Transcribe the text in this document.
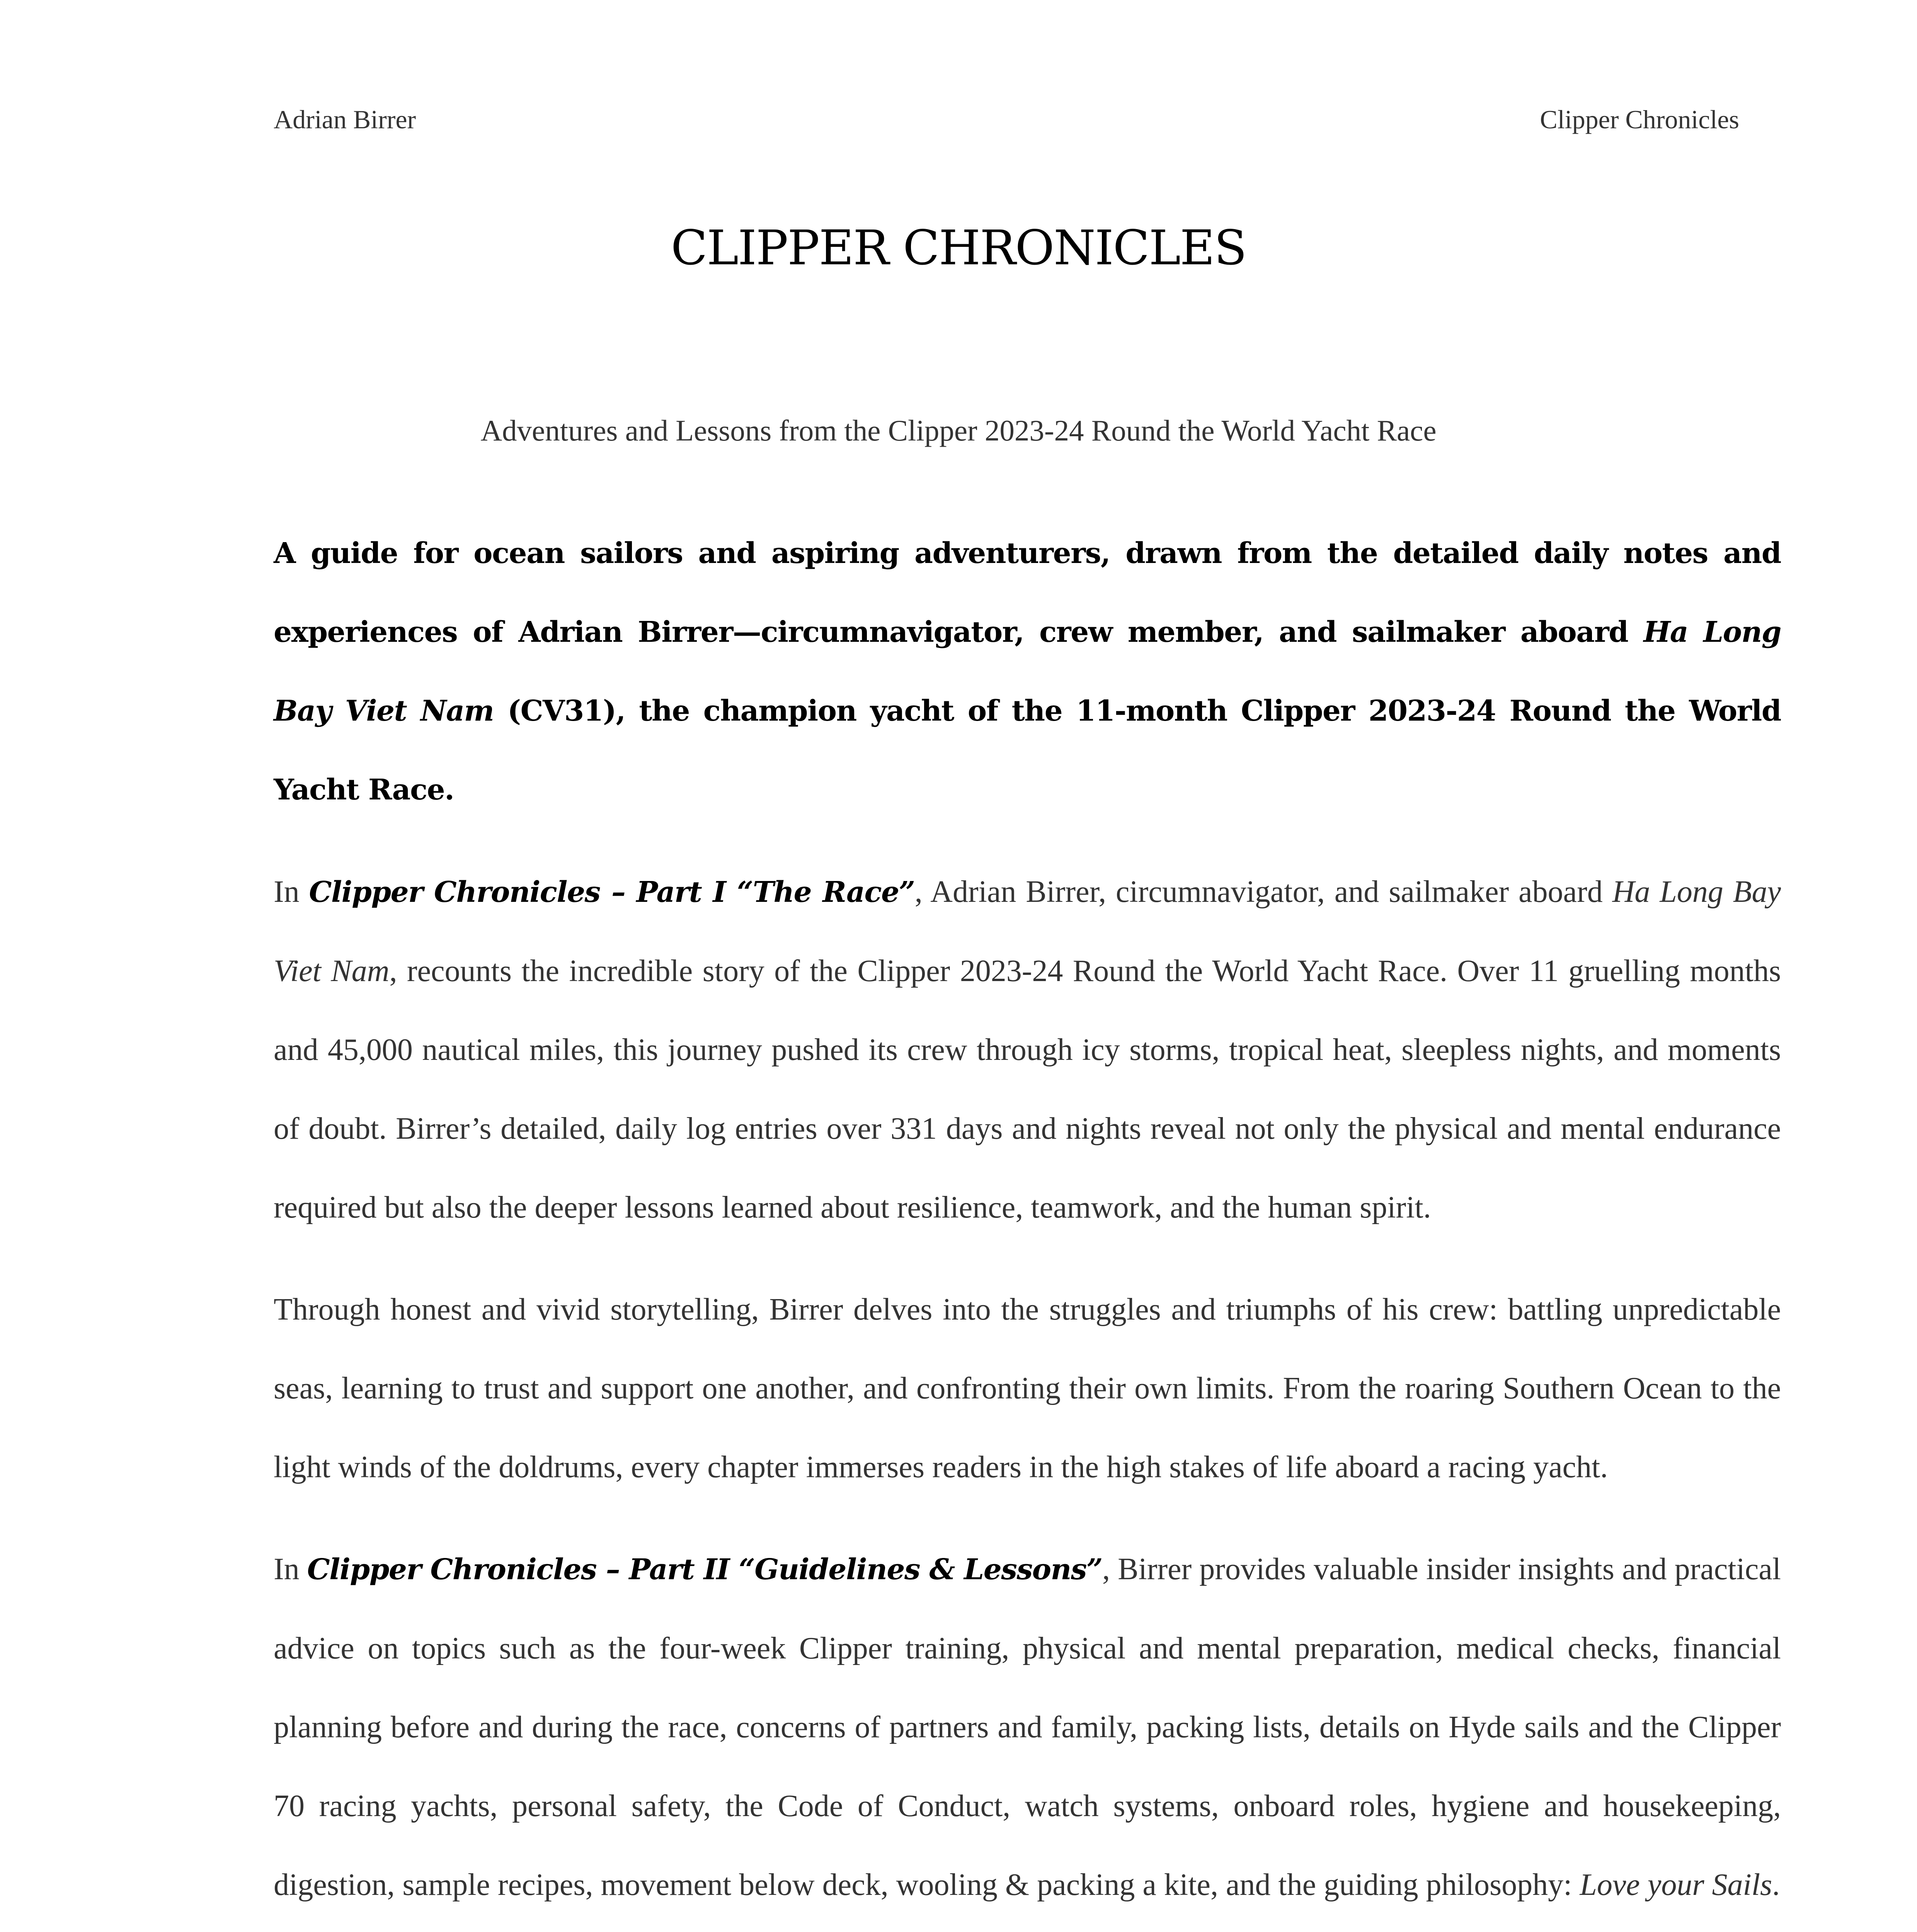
Adrian Birrer	Clipper Chronicles
CLIPPER CHRONICLES
Adventures and Lessons from the Clipper 2023-24 Round the World Yacht Race

A guide for ocean sailors and aspiring adventurers, drawn from the detailed daily notes and experiences of Adrian Birrer—circumnavigator, crew member, and sailmaker aboard Ha Long Bay Viet Nam (CV31), the champion yacht of the 11-month Clipper 2023-24 Round the World Yacht Race.

In Clipper Chronicles – Part I “The Race”, Adrian Birrer, circumnavigator, and sailmaker aboard Ha Long Bay Viet Nam, recounts the incredible story of the Clipper 2023-24 Round the World Yacht Race. Over 11 gruelling months and 45,000 nautical miles, this journey pushed its crew through icy storms, tropical heat, sleepless nights, and moments of doubt. Birrer’s detailed, daily log entries over 331 days and nights reveal not only the physical and mental endurance required but also the deeper lessons learned about resilience, teamwork, and the human spirit.

Through honest and vivid storytelling, Birrer delves into the struggles and triumphs of his crew: battling unpredictable seas, learning to trust and support one another, and confronting their own limits. From the roaring Southern Ocean to the light winds of the doldrums, every chapter immerses readers in the high stakes of life aboard a racing yacht.

In Clipper Chronicles – Part II “Guidelines & Lessons”, Birrer provides valuable insider insights and practical advice on topics such as the four-week Clipper training, physical and mental preparation, medical checks, financial planning before and during the race, concerns of partners and family, packing lists, details on Hyde sails and the Clipper 70 racing yachts, personal safety, the Code of Conduct, watch systems, onboard roles, hygiene and housekeeping, digestion, sample recipes, movement below deck, wooling & packing a kite, and the guiding philosophy: Love your Sails.
